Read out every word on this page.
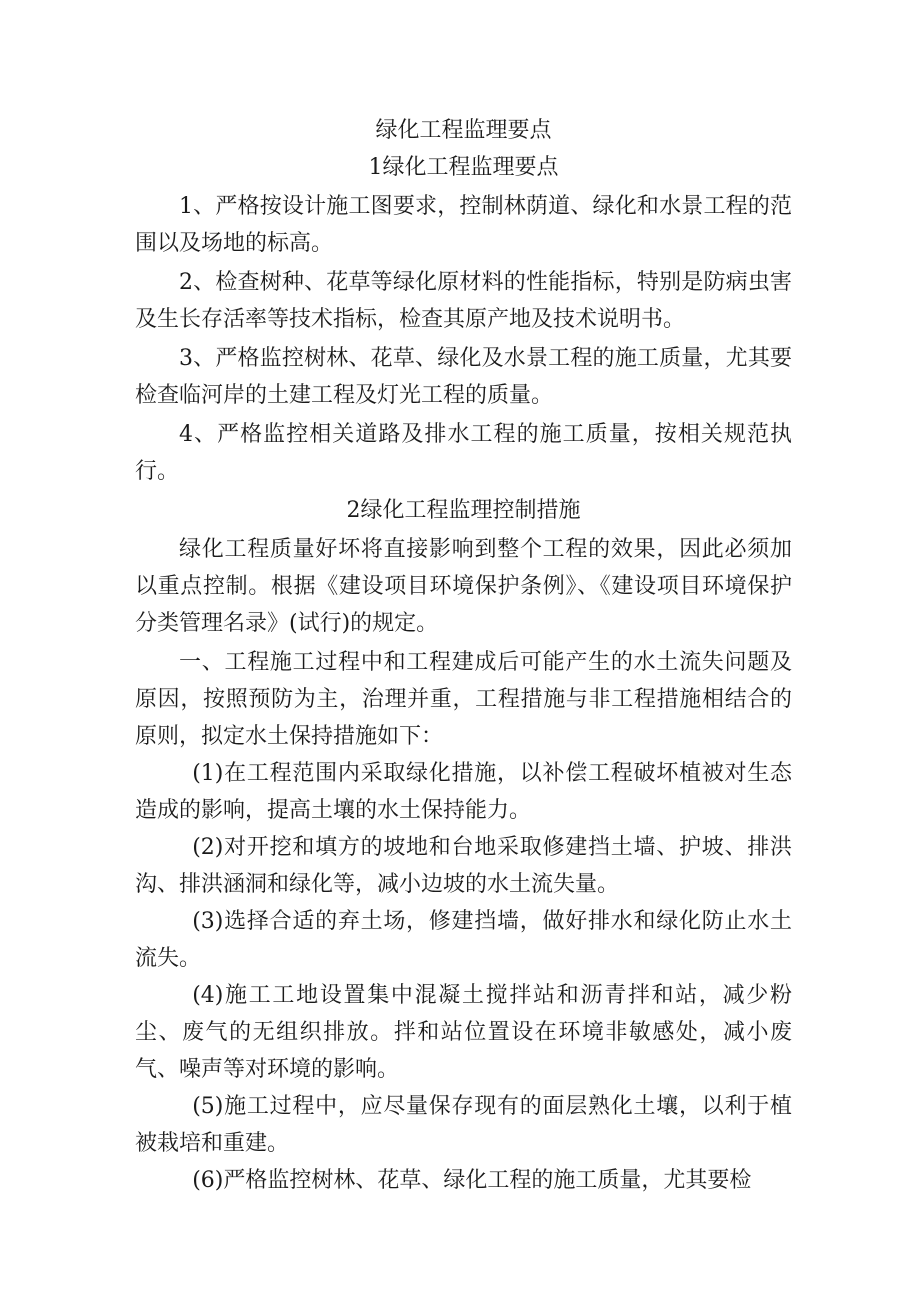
绿化工程监理要点
1绿化工程监理要点

1、严格按设计施工图要求，控制林荫道、绿化和水景工程的范围以及场地的标高。

2、检查树种、花草等绿化原材料的性能指标，特别是防病虫害及生长存活率等技术指标，检查其原产地及技术说明书。

3、严格监控树林、花草、绿化及水景工程的施工质量，尤其要检查临河岸的土建工程及灯光工程的质量。

4、严格监控相关道路及排水工程的施工质量，按相关规范执行。

2绿化工程监理控制措施

绿化工程质量好坏将直接影响到整个工程的效果，因此必须加以重点控制。根据《建设项目环境保护条例》、《建设项目环境保护分类管理名录》(试行)的规定。

一、工程施工过程中和工程建成后可能产生的水土流失问题及原因，按照预防为主，治理并重，工程措施与非工程措施相结合的原则，拟定水土保持措施如下：

(1)在工程范围内采取绿化措施，以补偿工程破坏植被对生态造成的影响，提高土壤的水土保持能力。

(2)对开挖和填方的坡地和台地采取修建挡土墙、护坡、排洪沟、排洪涵洞和绿化等，减小边坡的水土流失量。

(3)选择合适的弃土场，修建挡墙，做好排水和绿化防止水土流失。

(4)施工工地设置集中混凝土搅拌站和沥青拌和站，减少粉尘、废气的无组织排放。拌和站位置设在环境非敏感处，减小废气、噪声等对环境的影响。

(5)施工过程中，应尽量保存现有的面层熟化土壤，以利于植被栽培和重建。

(6)严格监控树林、花草、绿化工程的施工质量，尤其要检
